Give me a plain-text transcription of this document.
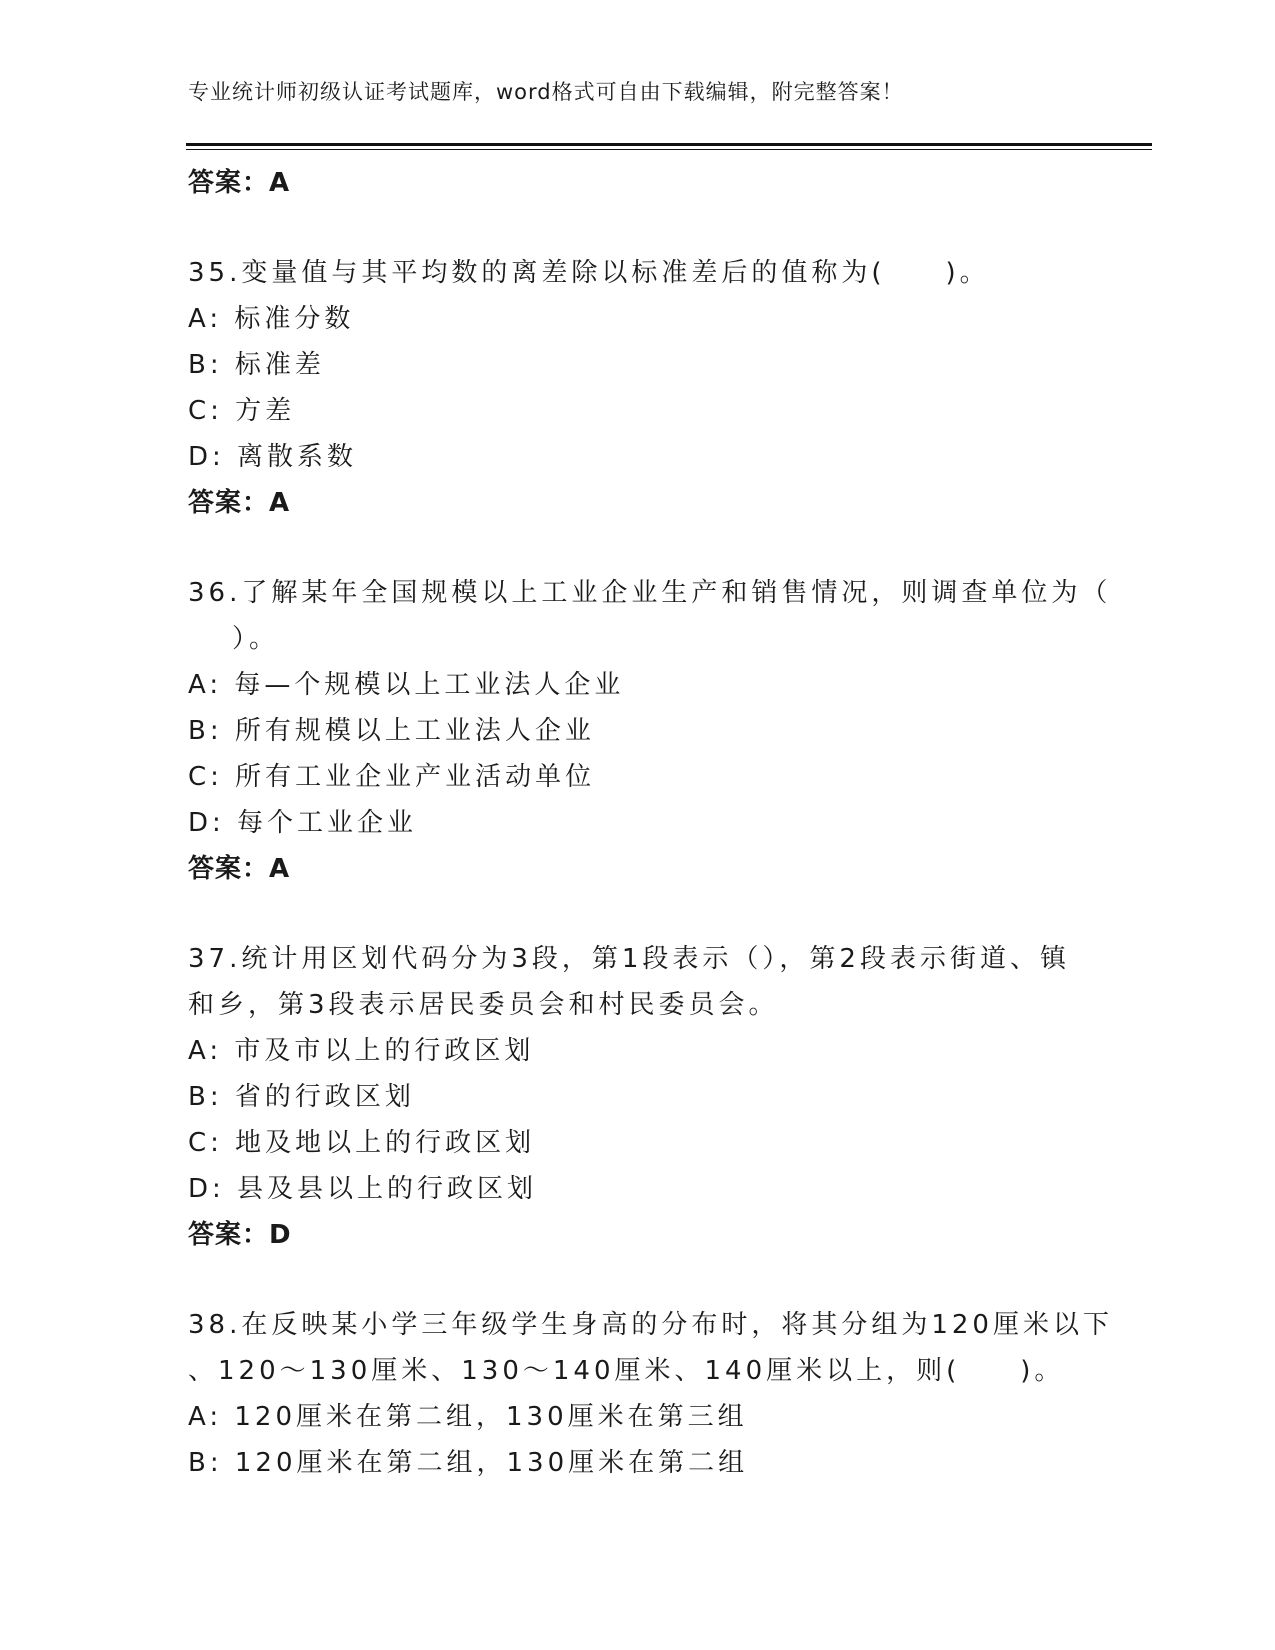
专业统计师初级认证考试题库，word格式可自由下载编辑，附完整答案！
答案：A
35.变量值与其平均数的离差除以标准差后的值称为(　　)。
A: 标准分数
B: 标准差
C: 方差
D: 离散系数
答案：A
36.了解某年全国规模以上工业企业生产和销售情况，则调查单位为（
）。
A: 每—个规模以上工业法人企业
B: 所有规模以上工业法人企业
C: 所有工业企业产业活动单位
D: 每个工业企业
答案：A
37.统计用区划代码分为3段，第1段表示（），第2段表示街道、镇
和乡，第3段表示居民委员会和村民委员会。
A: 市及市以上的行政区划
B: 省的行政区划
C: 地及地以上的行政区划
D: 县及县以上的行政区划
答案：D
38.在反映某小学三年级学生身高的分布时，将其分组为120厘米以下
、120～130厘米、130～140厘米、140厘米以上，则(　　)。
A: 120厘米在第二组，130厘米在第三组
B: 120厘米在第二组，130厘米在第二组
